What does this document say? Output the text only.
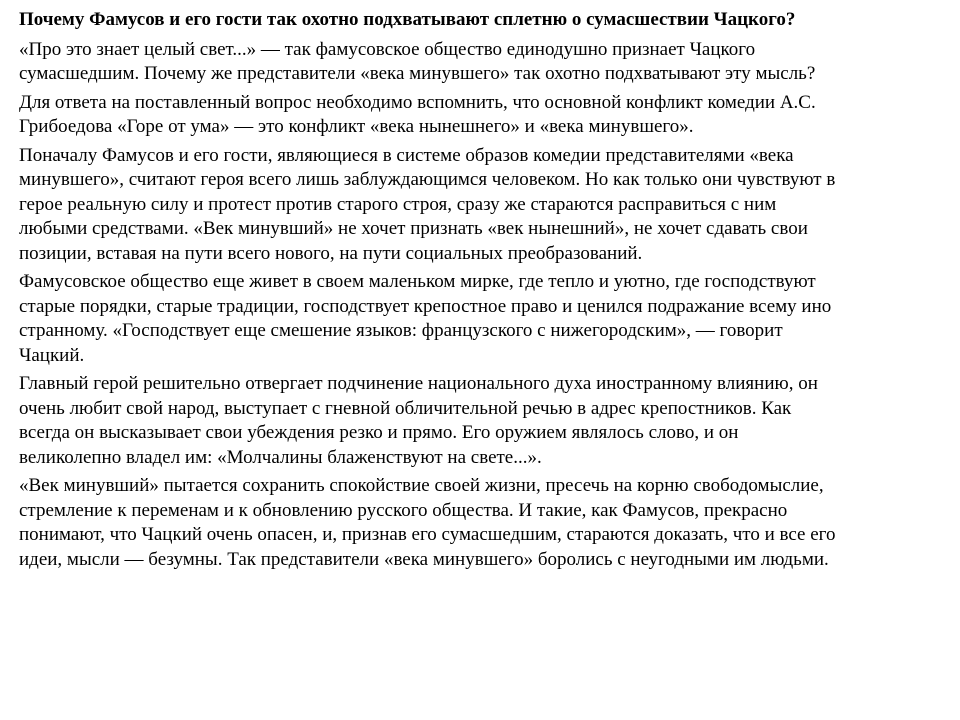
Почему Фамусов и его гости так охотно подхватывают сплетню о сумасшествии Чацкого?

«Про это знает целый свет...» — так фамусовское общество единодушно признает Чацкого
сумасшедшим. Почему же представители «века минувшего» так охотно подхватывают эту мысль?

Для ответа на поставленный вопрос необходимо вспомнить, что основной конфликт комедии А.С.
Грибоедова «Горе от ума» — это конфликт «века нынешнего» и «века минувшего».

Поначалу Фамусов и его гости, являющиеся в системе образов комедии представителями «века
минувшего», считают героя всего лишь заблуждающимся человеком. Но как только они чувствуют в
герое реальную силу и протест против старого строя, сразу же стараются расправиться с ним
любыми средствами. «Век минувший» не хочет признать «век нынешний», не хочет сдавать свои
позиции, вставая на пути всего нового, на пути социальных преобразований.

Фамусовское общество еще живет в своем маленьком мирке, где тепло и уютно, где господствуют
старые порядки, старые традиции, господствует крепостное право и ценился подражание всему ино
странному. «Господствует еще смешение языков: французского с нижегородским», — говорит
Чацкий.

Главный герой решительно отвергает подчинение национального духа иностранному влиянию, он
очень любит свой народ, выступает с гневной обличительной речью в адрес крепостников. Как
всегда он высказывает свои убеждения резко и прямо. Его оружием являлось слово, и он
великолепно владел им: «Молчалины блаженствуют на свете...».

«Век минувший» пытается сохранить спокойствие своей жизни, пресечь на корню свободомыслие,
стремление к переменам и к обновлению русского общества. И такие, как Фамусов, прекрасно
понимают, что Чацкий очень опасен, и, признав его сумасшедшим, стараются доказать, что и все его
идеи, мысли — безумны. Так представители «века минувшего» боролись с неугодными им людьми.
